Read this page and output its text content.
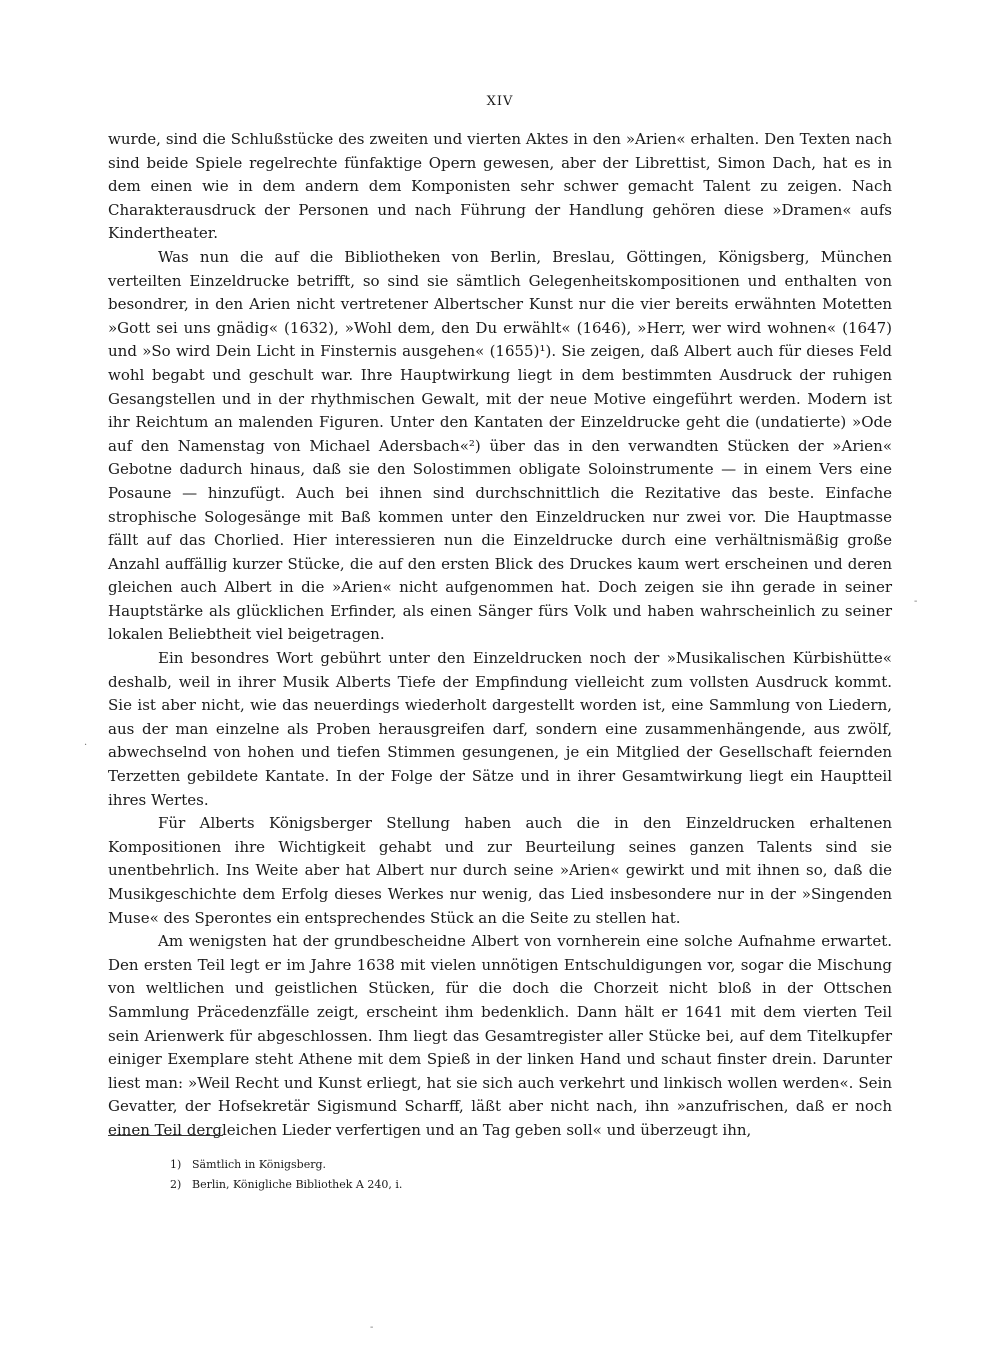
XIV

wurde, sind die Schlußstücke des zweiten und vierten Aktes in den »Arien« erhalten. Den Texten nach sind beide Spiele regelrechte fünfaktige Opern gewesen, aber der Librettist, Simon Dach, hat es in dem einen wie in dem andern dem Komponisten sehr schwer gemacht Talent zu zeigen. Nach Charakterausdruck der Personen und nach Führung der Handlung gehören diese »Dramen« aufs Kindertheater.

Was nun die auf die Bibliotheken von Berlin, Breslau, Göttingen, Königsberg, München verteilten Einzeldrucke betrifft, so sind sie sämtlich Gelegenheitskompositionen und enthalten von besondrer, in den Arien nicht vertretener Albertscher Kunst nur die vier bereits erwähnten Motetten »Gott sei uns gnädig« (1632), »Wohl dem, den Du erwählt« (1646), »Herr, wer wird wohnen« (1647) und »So wird Dein Licht in Finsternis ausgehen« (1655)¹). Sie zeigen, daß Albert auch für dieses Feld wohl begabt und geschult war. Ihre Hauptwirkung liegt in dem bestimmten Ausdruck der ruhigen Gesangstellen und in der rhythmischen Gewalt, mit der neue Motive eingeführt werden. Modern ist ihr Reichtum an malenden Figuren. Unter den Kantaten der Einzeldrucke geht die (undatierte) »Ode auf den Namenstag von Michael Adersbach«²) über das in den verwandten Stücken der »Arien« Gebotne dadurch hinaus, daß sie den Solostimmen obligate Soloinstrumente — in einem Vers eine Posaune — hinzufügt. Auch bei ihnen sind durchschnittlich die Rezitative das beste. Einfache strophische Sologesänge mit Baß kommen unter den Einzeldrucken nur zwei vor. Die Hauptmasse fällt auf das Chorlied. Hier interessieren nun die Einzeldrucke durch eine verhältnismäßig große Anzahl auffällig kurzer Stücke, die auf den ersten Blick des Druckes kaum wert erscheinen und deren gleichen auch Albert in die »Arien« nicht aufgenommen hat. Doch zeigen sie ihn gerade in seiner Hauptstärke als glücklichen Erfinder, als einen Sänger fürs Volk und haben wahrscheinlich zu seiner lokalen Beliebtheit viel beigetragen.

Ein besondres Wort gebührt unter den Einzeldrucken noch der »Musikalischen Kürbishütte« deshalb, weil in ihrer Musik Alberts Tiefe der Empfindung vielleicht zum vollsten Ausdruck kommt. Sie ist aber nicht, wie das neuerdings wiederholt dargestellt worden ist, eine Sammlung von Liedern, aus der man einzelne als Proben herausgreifen darf, sondern eine zusammenhängende, aus zwölf, abwechselnd von hohen und tiefen Stimmen gesungenen, je ein Mitglied der Gesellschaft feiernden Terzetten gebildete Kantate. In der Folge der Sätze und in ihrer Gesamtwirkung liegt ein Hauptteil ihres Wertes.

Für Alberts Königsberger Stellung haben auch die in den Einzeldrucken erhaltenen Kompositionen ihre Wichtigkeit gehabt und zur Beurteilung seines ganzen Talents sind sie unentbehrlich. Ins Weite aber hat Albert nur durch seine »Arien« gewirkt und mit ihnen so, daß die Musikgeschichte dem Erfolg dieses Werkes nur wenig, das Lied insbesondere nur in der »Singenden Muse« des Sperontes ein entsprechendes Stück an die Seite zu stellen hat.

Am wenigsten hat der grundbescheidne Albert von vornherein eine solche Aufnahme erwartet. Den ersten Teil legt er im Jahre 1638 mit vielen unnötigen Entschuldigungen vor, sogar die Mischung von weltlichen und geistlichen Stücken, für die doch die Chorzeit nicht bloß in der Ottschen Sammlung Präcedenzfälle zeigt, erscheint ihm bedenklich. Dann hält er 1641 mit dem vierten Teil sein Arienwerk für abgeschlossen. Ihm liegt das Gesamtregister aller Stücke bei, auf dem Titelkupfer einiger Exemplare steht Athene mit dem Spieß in der linken Hand und schaut finster drein. Darunter liest man: »Weil Recht und Kunst erliegt, hat sie sich auch verkehrt und linkisch wollen werden«. Sein Gevatter, der Hofsekretär Sigismund Scharff, läßt aber nicht nach, ihn »anzufrischen, daß er noch einen Teil dergleichen Lieder verfertigen und an Tag geben soll« und überzeugt ihn,

1) Sämtlich in Königsberg.
2) Berlin, Königliche Bibliothek A 240, i.
-
·
-
